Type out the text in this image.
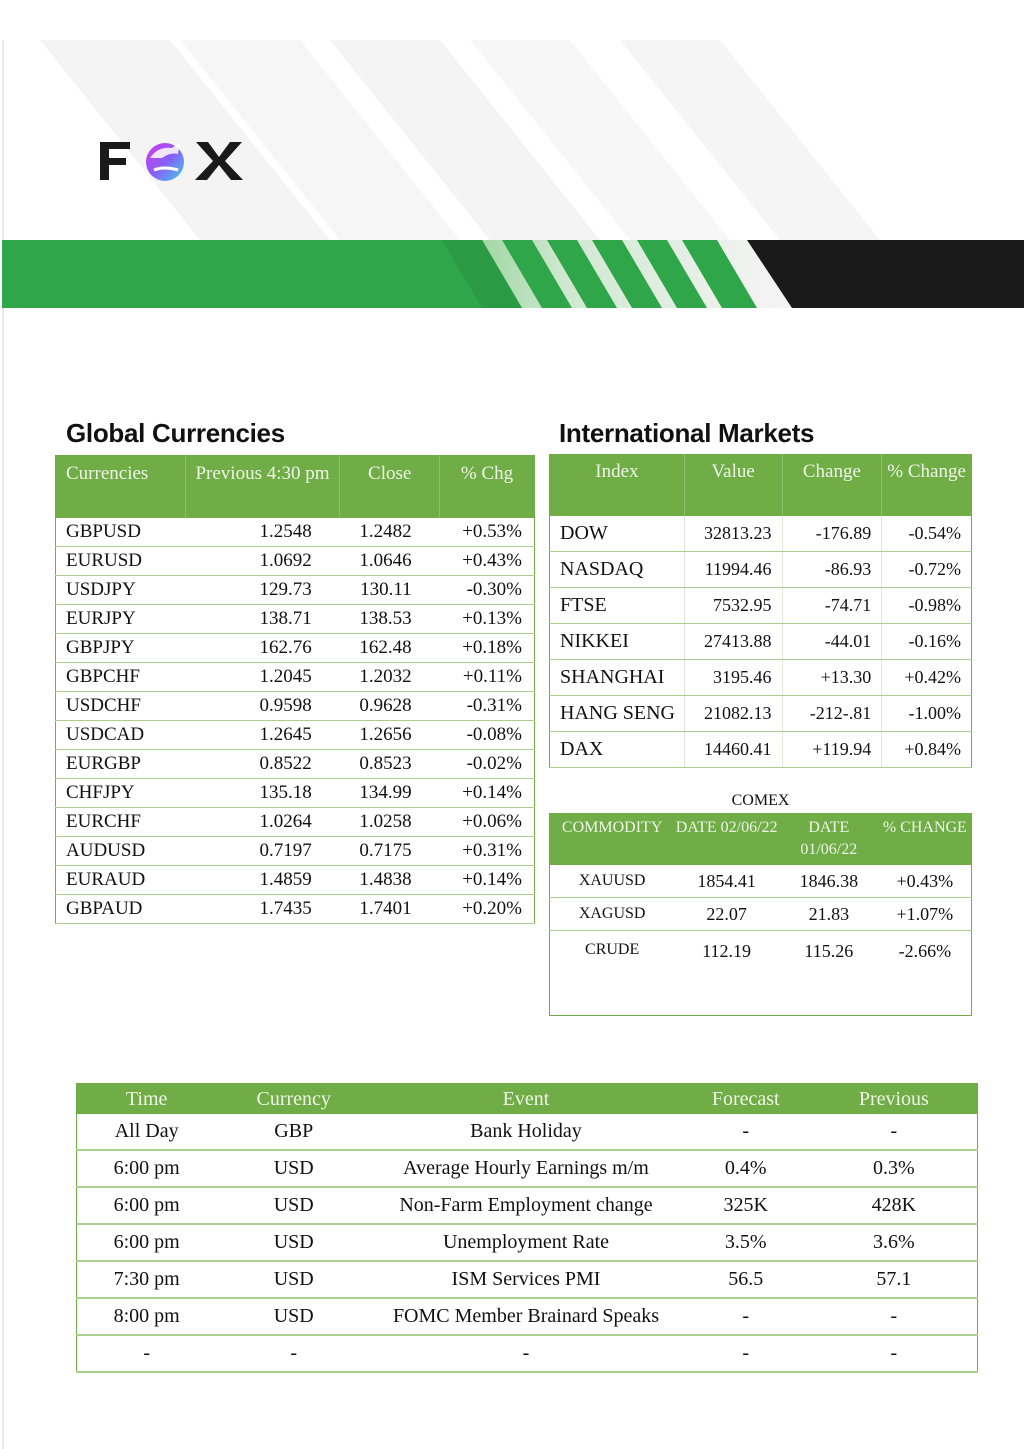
Global Currencies	International Markets
Currencies	Previous 4:30 pm	Close	% Chg
GBPUSD	1.2548	1.2482	+0.53%
EURUSD	1.0692	1.0646	+0.43%
USDJPY	129.73	130.11	-0.30%
EURJPY	138.71	138.53	+0.13%
GBPJPY	162.76	162.48	+0.18%
GBPCHF	1.2045	1.2032	+0.11%
USDCHF	0.9598	0.9628	-0.31%
USDCAD	1.2645	1.2656	-0.08%
EURGBP	0.8522	0.8523	-0.02%
CHFJPY	135.18	134.99	+0.14%
EURCHF	1.0264	1.0258	+0.06%
AUDUSD	0.7197	0.7175	+0.31%
EURAUD	1.4859	1.4838	+0.14%
GBPAUD	1.7435	1.7401	+0.20%
Index	Value	Change	% Change
DOW	32813.23	-176.89	-0.54%
NASDAQ	11994.46	-86.93	-0.72%
FTSE	7532.95	-74.71	-0.98%
NIKKEI	27413.88	-44.01	-0.16%
SHANGHAI	3195.46	+13.30	+0.42%
HANG SENG	21082.13	-212-.81	-1.00%
DAX	14460.41	+119.94	+0.84%
COMEX
COMMODITY	DATE 02/06/22	DATE 01/06/22	% CHANGE
XAUUSD	1854.41	1846.38	+0.43%
XAGUSD	22.07	21.83	+1.07%
CRUDE	112.19	115.26	-2.66%
Time	Currency	Event	Forecast	Previous
All Day	GBP	Bank Holiday	-	-
6:00 pm	USD	Average Hourly Earnings m/m	0.4%	0.3%
6:00 pm	USD	Non-Farm Employment change	325K	428K
6:00 pm	USD	Unemployment Rate	3.5%	3.6%
7:30 pm	USD	ISM Services PMI	56.5	57.1
8:00 pm	USD	FOMC Member Brainard Speaks	-	-
-	-	-	-	-
